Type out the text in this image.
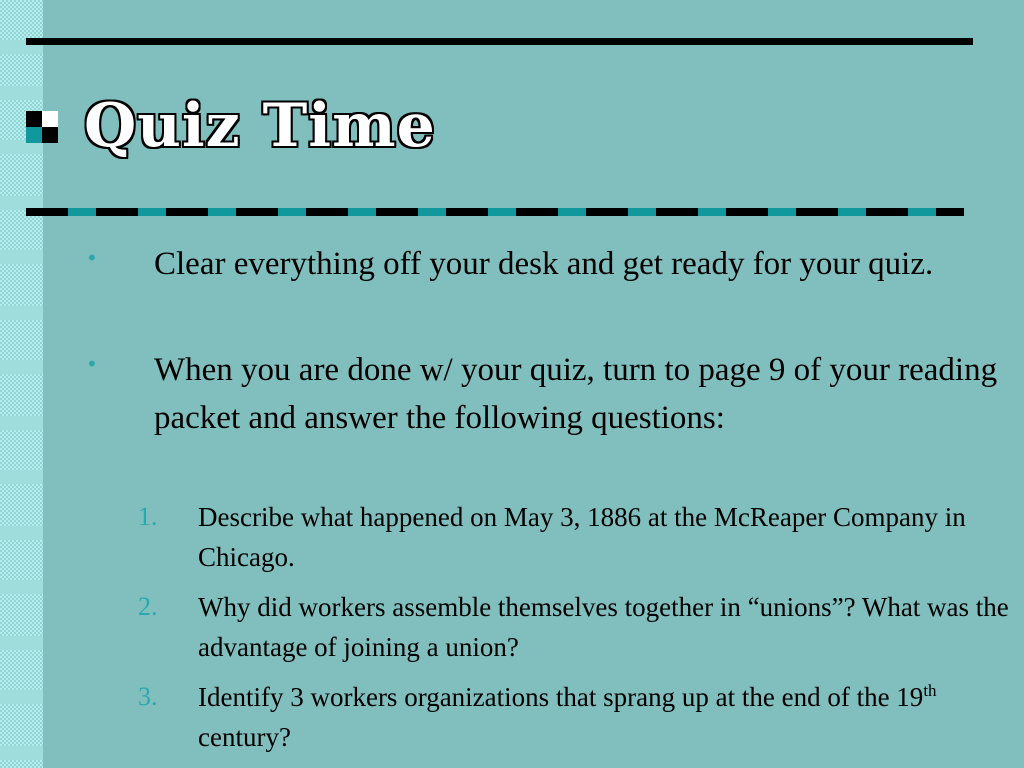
Quiz Time
• Clear everything off your desk and get ready for your quiz.
• When you are done w/ your quiz, turn to page 9 of your reading packet and answer the following questions:
1. Describe what happened on May 3, 1886 at the McReaper Company in Chicago.
2. Why did workers assemble themselves together in “unions”? What was the advantage of joining a union?
3. Identify 3 workers organizations that sprang up at the end of the 19th century?
